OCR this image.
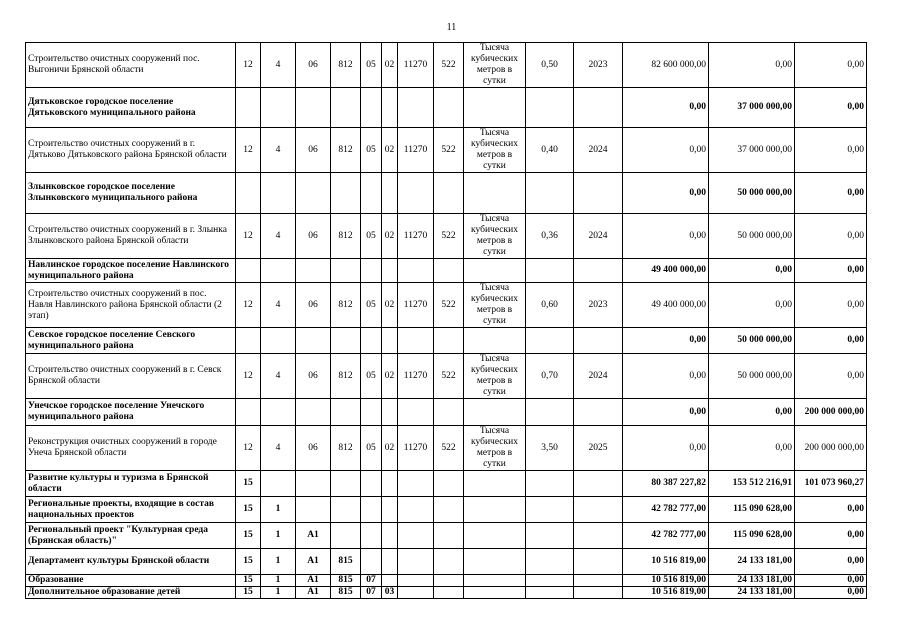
11
Строительство очистных сооружений пос. Выгоничи Брянской области	12	4	06	812	05	02	11270	522	Тысяча кубических метров в сутки	0,50	2023	82 600 000,00	0,00	0,00
Дятьковское городское поселение Дятьковского муниципального района												0,00	37 000 000,00	0,00
Строительство очистных сооружений в г. Дятьково Дятьковского района Брянской области	12	4	06	812	05	02	11270	522	Тысяча кубических метров в сутки	0,40	2024	0,00	37 000 000,00	0,00
Злынковское городское поселение Злынковского муниципального района												0,00	50 000 000,00	0,00
Строительство очистных сооружений в г. Злынка Злынковского района Брянской области	12	4	06	812	05	02	11270	522	Тысяча кубических метров в сутки	0,36	2024	0,00	50 000 000,00	0,00
Навлинское городское поселение Навлинского муниципального района												49 400 000,00	0,00	0,00
Строительство очистных сооружений в пос. Навля Навлинского района Брянской области (2 этап)	12	4	06	812	05	02	11270	522	Тысяча кубических метров в сутки	0,60	2023	49 400 000,00	0,00	0,00
Севское городское поселение Севского муниципального района												0,00	50 000 000,00	0,00
Строительство очистных сооружений в г. Севск Брянской области	12	4	06	812	05	02	11270	522	Тысяча кубических метров в сутки	0,70	2024	0,00	50 000 000,00	0,00
Унечское городское поселение Унечского муниципального района												0,00	0,00	200 000 000,00
Реконструкция очистных сооружений в городе Унеча Брянской области	12	4	06	812	05	02	11270	522	Тысяча кубических метров в сутки	3,50	2025	0,00	0,00	200 000 000,00
Развитие культуры и туризма в Брянской области	15											80 387 227,82	153 512 216,91	101 073 960,27
Региональные проекты, входящие в состав национальных проектов	15	1										42 782 777,00	115 090 628,00	0,00
Региональный проект "Культурная среда (Брянская область)"	15	1	А1									42 782 777,00	115 090 628,00	0,00
Департамент культуры Брянской области	15	1	А1	815								10 516 819,00	24 133 181,00	0,00
Образование	15	1	А1	815	07							10 516 819,00	24 133 181,00	0,00
Дополнительное образование детей	15	1	А1	815	07	03						10 516 819,00	24 133 181,00	0,00
